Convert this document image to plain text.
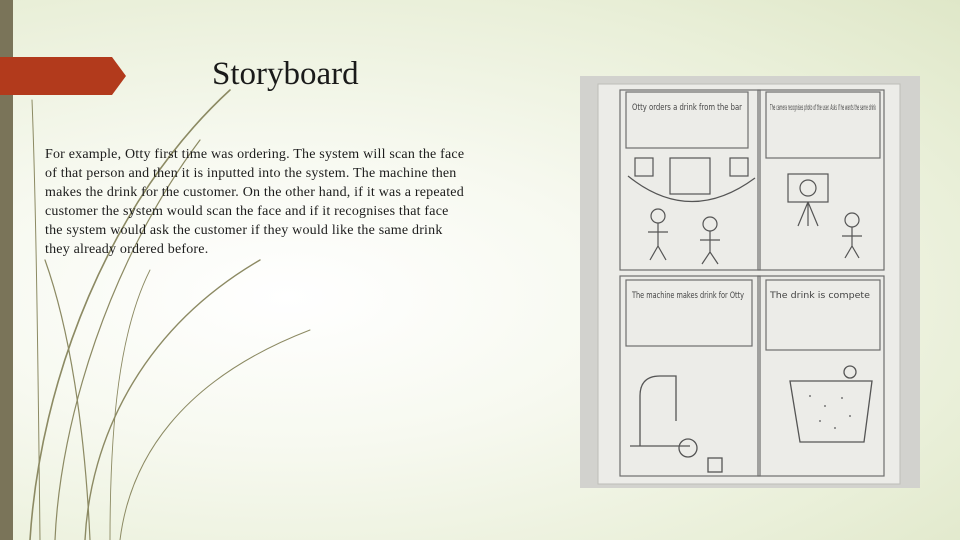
Storyboard

For example, Otty first time was ordering. The system will scan the face of that person and then it is inputted into the system. The machine then makes the drink for the customer. On the other hand, if it was a repeated customer the system would scan the face and if it recognises that face the system would ask the customer if they would like the same drink they already ordered before.

Otty orders a drink from the bar	The camera recognises photo of the user. Asks if he wants the same drink
The machine makes drink for Otty	The drink is compete
